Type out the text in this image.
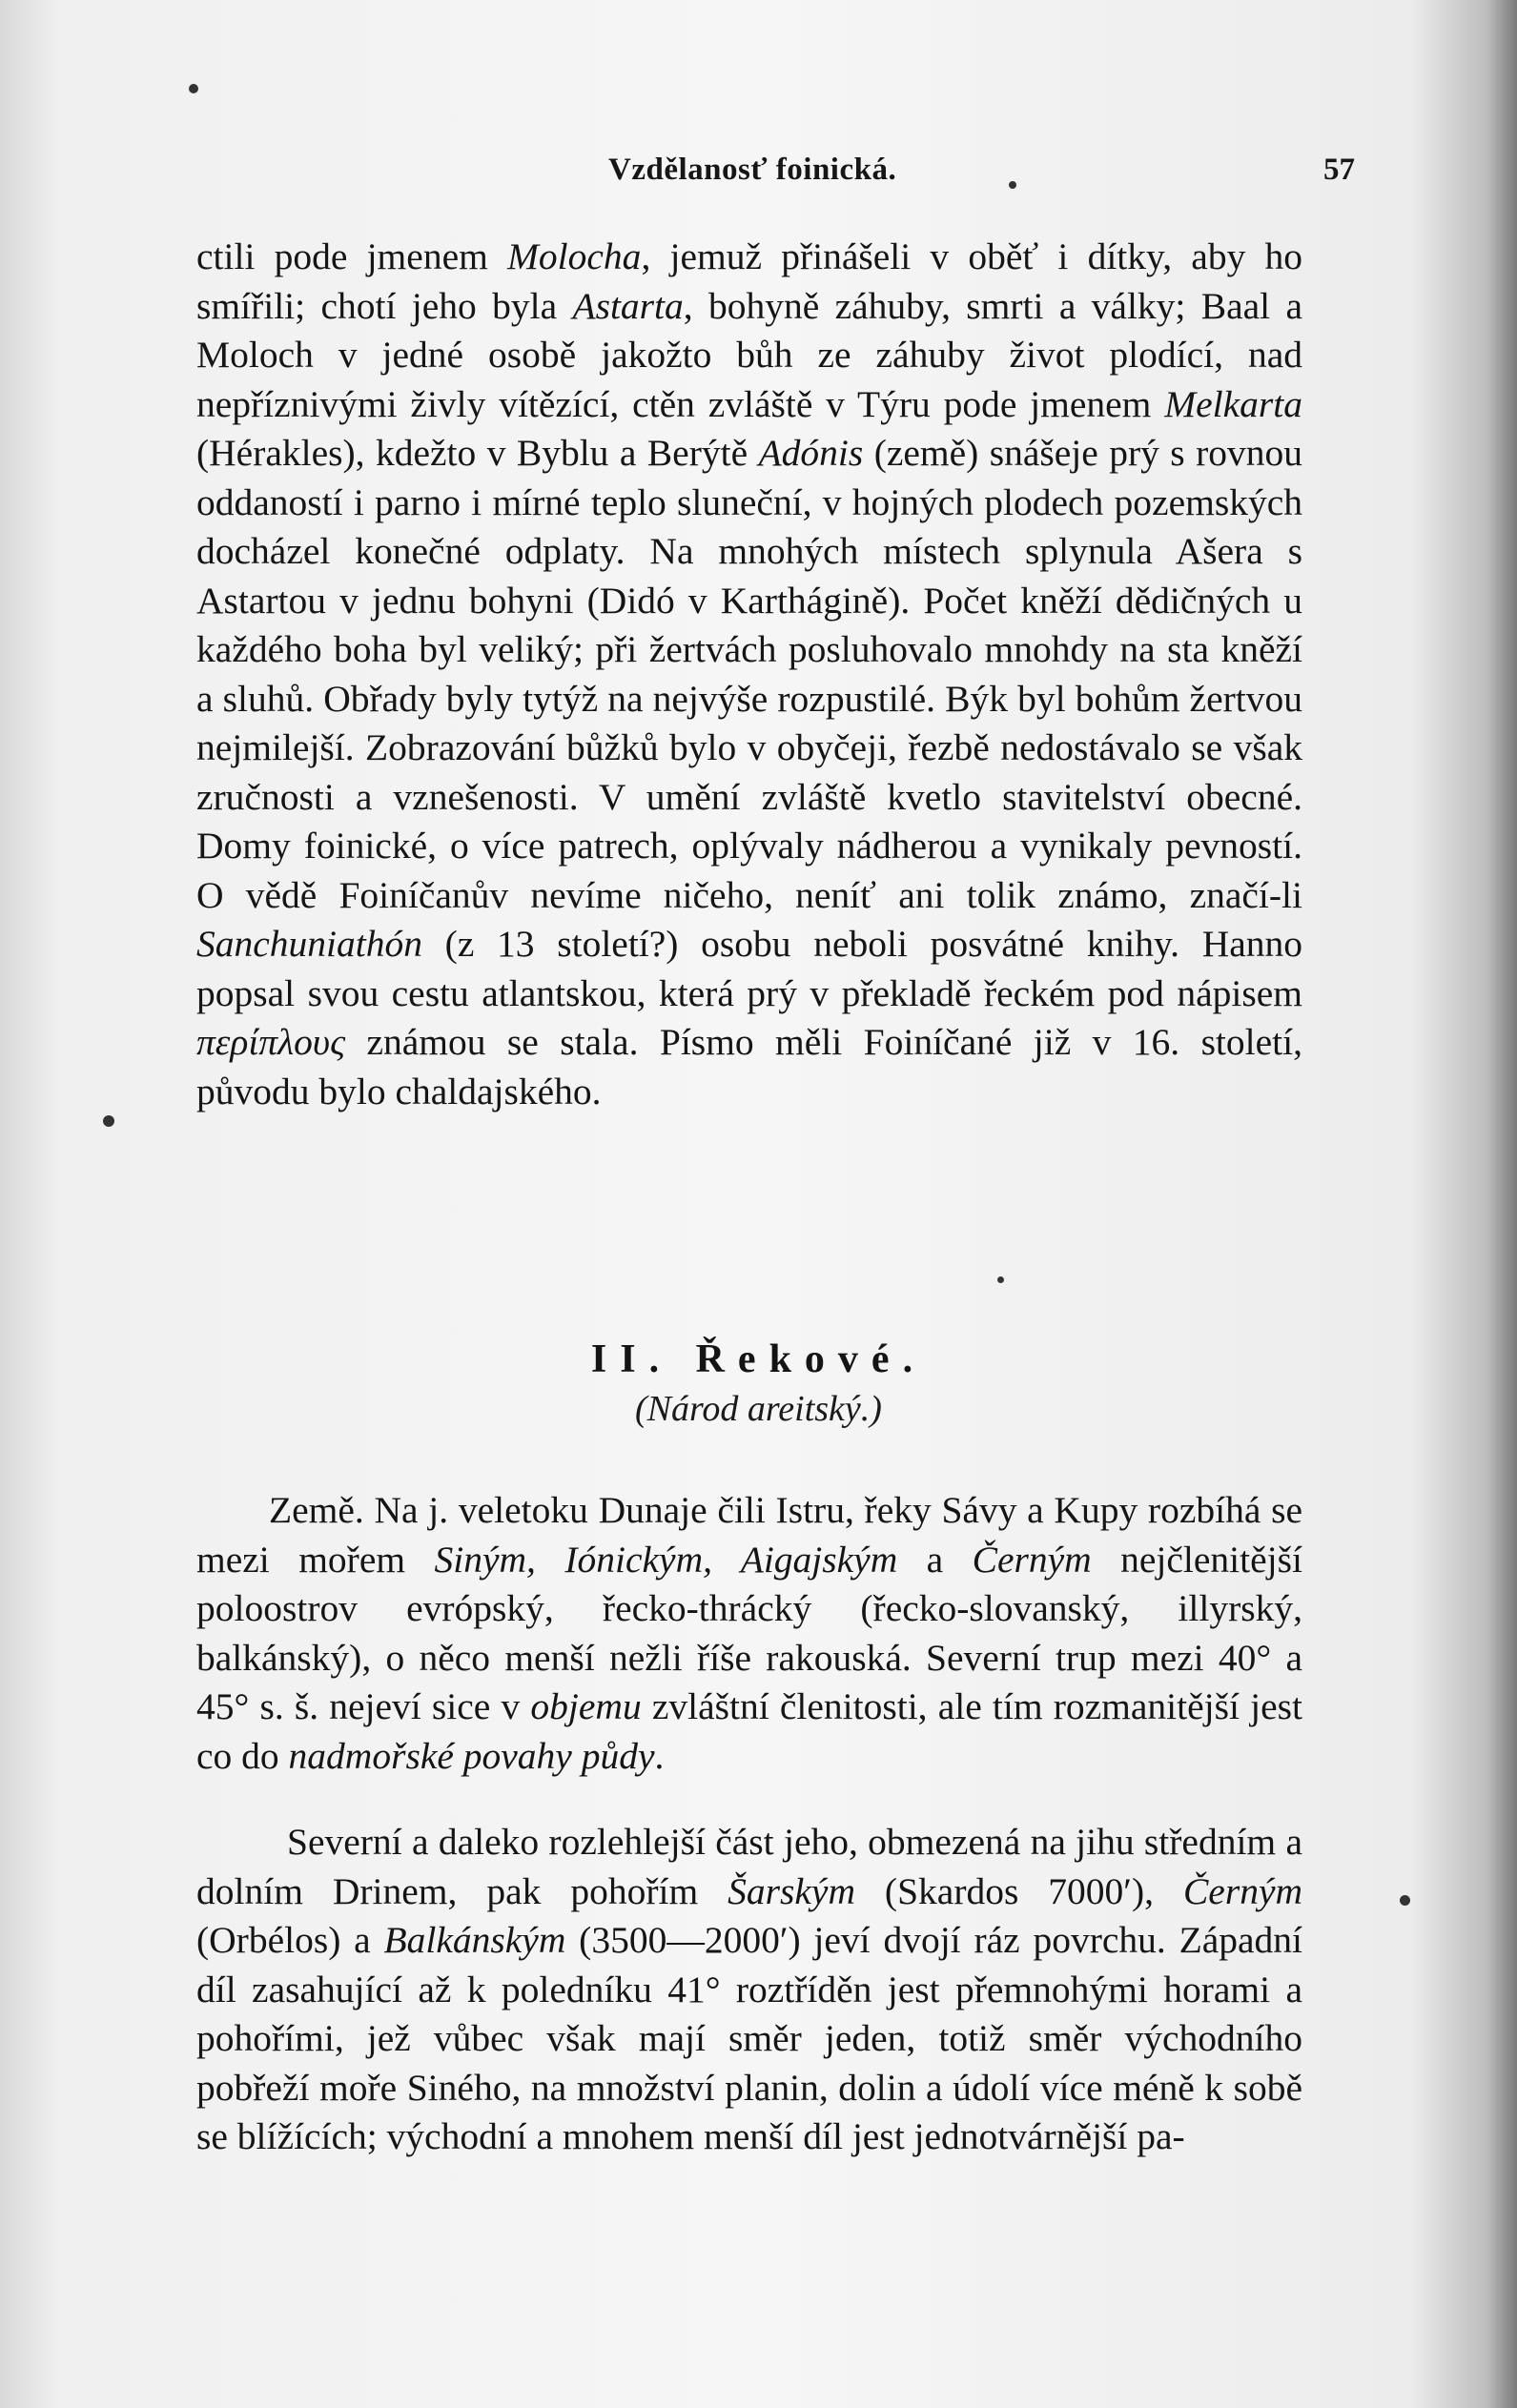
Vzdělanosť foinická.	57

ctili pode jmenem Molocha, jemuž přinášeli v oběť i dítky, aby ho smířili; chotí jeho byla Astarta, bohyně záhuby, smrti a války; Baal a Moloch v jedné osobě jakožto bůh ze záhuby život plodící, nad nepříznivými živly vítězící, ctěn zvláště v Týru pode jmenem Melkarta (Hérakles), kdežto v Byblu a Berýtě Adónis (země) snášeje prý s rovnou oddaností i parno i mírné teplo sluneční, v hojných plodech pozemských docházel konečné odplaty. Na mnohých místech splynula Ašera s Astartou v jednu bohyni (Didó v Karthágině). Počet kněží dědičných u každého boha byl veliký; při žertvách posluhovalo mnohdy na sta kněží a sluhů. Obřady byly tytýž na nejvýše rozpustilé. Býk byl bohům žertvou nejmilejší. Zobrazování bůžků bylo v obyčeji, řezbě nedostávalo se však zručnosti a vznešenosti. V umění zvláště kvetlo stavitelství obecné. Domy foinické, o více patrech, oplývaly nádherou a vynikaly pevností. O vědě Foiníčanův nevíme ničeho, neníť ani tolik známo, značí-li Sanchuniathón (z 13 století?) osobu neboli posvátné knihy. Hanno popsal svou cestu atlantskou, která prý v překladě řeckém pod nápisem περίπλους známou se stala. Písmo měli Foiníčané již v 16. století, původu bylo chaldajského.

II. Řekové.
(Národ areitský.)

Země. Na j. veletoku Dunaje čili Istru, řeky Sávy a Kupy rozbíhá se mezi mořem Siným, Iónickým, Aigajským a Černým nejčlenitější poloostrov evrópský, řecko-thrácký (řecko-slovanský, illyrský, balkánský), o něco menší nežli říše rakouská. Severní trup mezi 40° a 45° s. š. nejeví sice v objemu zvláštní členitosti, ale tím rozmanitější jest co do nadmořské povahy půdy.

Severní a daleko rozlehlejší část jeho, obmezená na jihu středním a dolním Drinem, pak pohořím Šarským (Skardos 7000′), Černým (Orbélos) a Balkánským (3500—2000′) jeví dvojí ráz povrchu. Západní díl zasahující až k poledníku 41° roztříděn jest přemnohými horami a pohořími, jež vůbec však mají směr jeden, totiž směr východního pobřeží moře Siného, na množství planin, dolin a údolí více méně k sobě se blížících; východní a mnohem menší díl jest jednotvárnější pa-
